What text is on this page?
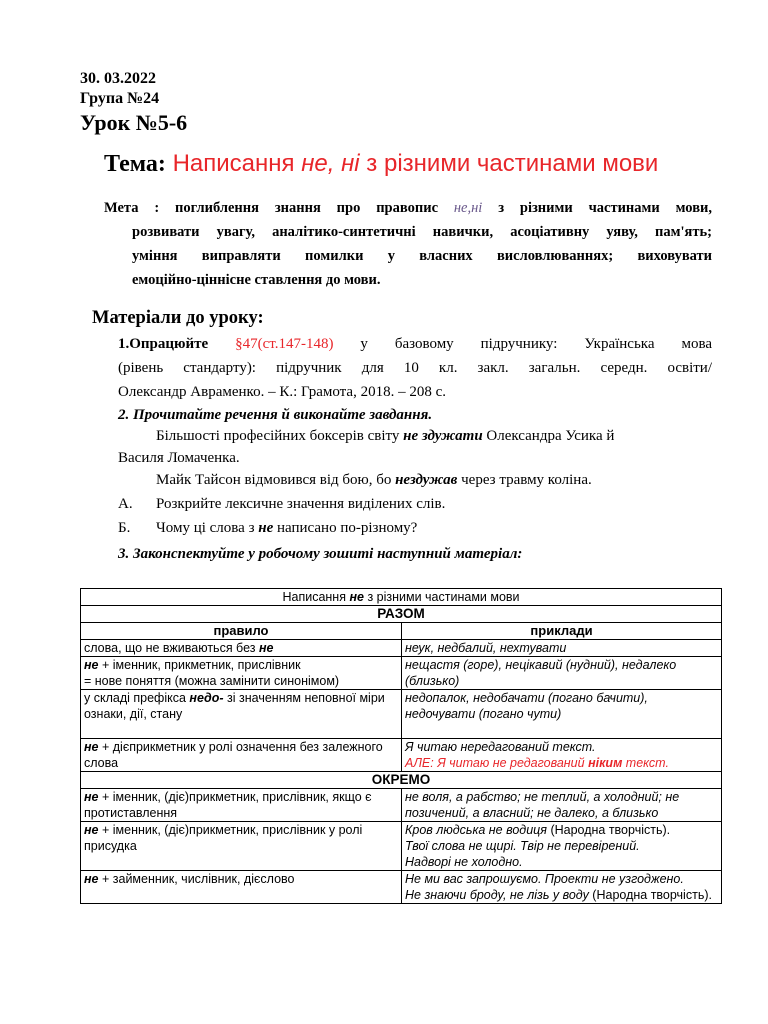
30. 03.2022
Група №24
Урок №5-6
Тема: Написання не, ні з різними частинами мови
Мета : поглиблення знання про правопис не,ні з різними частинами мови,
розвивати увагу, аналітико-синтетичні навички, асоціативну уяву, пам'ять;
уміння виправляти помилки у власних висловлюваннях; виховувати
емоційно-ціннісне ставлення до мови.
Матеріали до уроку:
1.Опрацюйте §47(ст.147-148) у базовому підручнику: Українська мова
(рівень стандарту): підручник для 10 кл. закл. загальн. середн. освіти/
Олександр Авраменко. – К.: Грамота, 2018. – 208 с.
2. Прочитайте речення й виконайте завдання.
Більшості професійних боксерів світу не здужати Олександра Усика й
Василя Ломаченка.
Майк Тайсон відмовився від бою, бо нездужав через травму коліна.
А. Розкрийте лексичне значення виділених слів.
Б. Чому ці слова з не написано по-різному?
3. Законспектуйте у робочому зошиті наступний матеріал:
Написання не з різними частинами мови	
РАЗОМ	
правило	приклади
слова, що не вживаються без не	неук, недбалий, нехтувати
не + іменник, прикметник, прислівник
= нове поняття (можна замінити синонімом)	нещастя (горе), нецікавий (нудний), недалеко (близько)
у складі префікса недо- зі значенням неповної міри ознаки, дії, стану	недопалок, недобачати (погано бачити), недочувати (погано чути)
не + дієприкметник у ролі означення без залежного слова	Я читаю нередагований текст.
АЛЕ: Я читаю не редагований ніким текст.
ОКРЕМО	
не + іменник, (діє)прикметник, прислівник, якщо є протиставлення	не воля, а рабство; не теплий, а холодний; не позичений, а власний; не далеко, а близько
не + іменник, (діє)прикметник, прислівник у ролі присудка	Кров людська не водиця (Народна творчість).
Твої слова не щирі. Твір не перевірений.
Надворі не холодно.
не + займенник, числівник, дієслово	Не ми вас запрошуємо. Проекти не узгоджено.
Не знаючи броду, не лізь у воду (Народна творчість).
